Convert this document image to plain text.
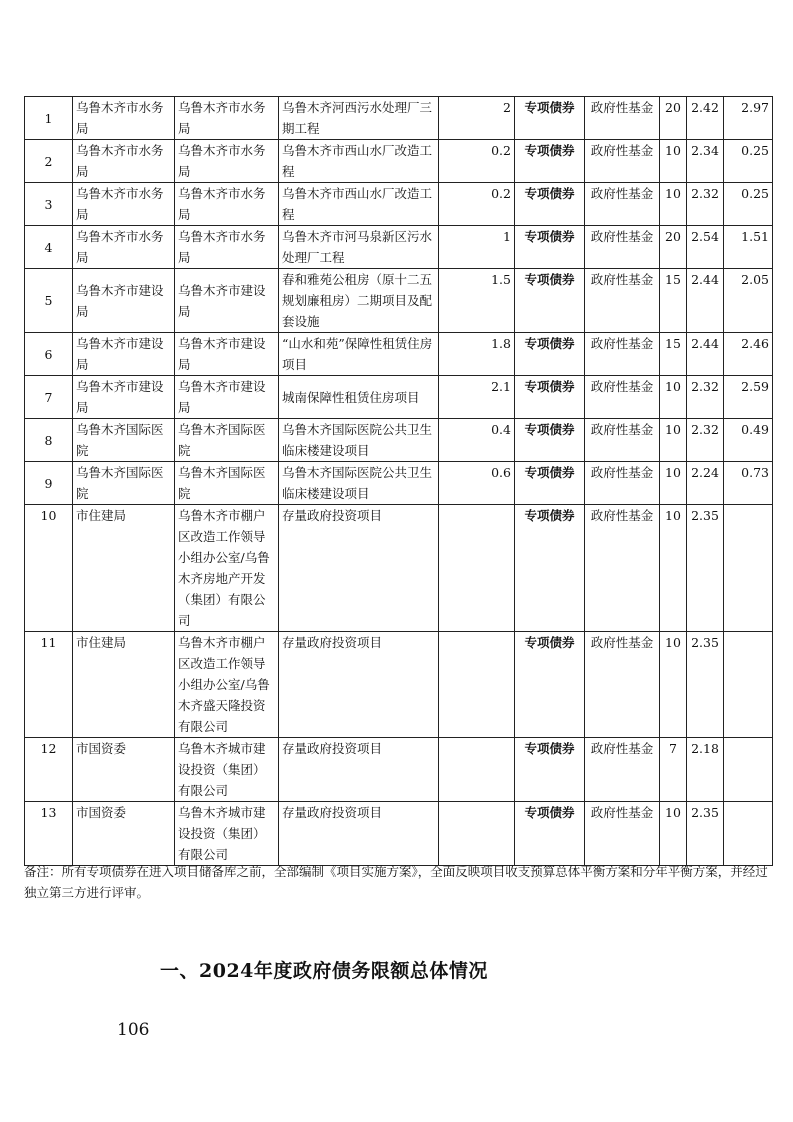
1	乌鲁木齐市水务局	乌鲁木齐市水务局	乌鲁木齐河西污水处理厂三期工程	2	专项债券	政府性基金	20	2.42	2.97
2	乌鲁木齐市水务局	乌鲁木齐市水务局	乌鲁木齐市西山水厂改造工程	0.2	专项债券	政府性基金	10	2.34	0.25
3	乌鲁木齐市水务局	乌鲁木齐市水务局	乌鲁木齐市西山水厂改造工程	0.2	专项债券	政府性基金	10	2.32	0.25
4	乌鲁木齐市水务局	乌鲁木齐市水务局	乌鲁木齐市河马泉新区污水处理厂工程	1	专项债券	政府性基金	20	2.54	1.51
5	乌鲁木齐市建设局	乌鲁木齐市建设局	春和雅苑公租房（原十二五规划廉租房）二期项目及配套设施	1.5	专项债券	政府性基金	15	2.44	2.05
6	乌鲁木齐市建设局	乌鲁木齐市建设局	“山水和苑”保障性租赁住房项目	1.8	专项债券	政府性基金	15	2.44	2.46
7	乌鲁木齐市建设局	乌鲁木齐市建设局	城南保障性租赁住房项目	2.1	专项债券	政府性基金	10	2.32	2.59
8	乌鲁木齐国际医院	乌鲁木齐国际医院	乌鲁木齐国际医院公共卫生临床楼建设项目	0.4	专项债券	政府性基金	10	2.32	0.49
9	乌鲁木齐国际医院	乌鲁木齐国际医院	乌鲁木齐国际医院公共卫生临床楼建设项目	0.6	专项债券	政府性基金	10	2.24	0.73
10	市住建局	乌鲁木齐市棚户区改造工作领导小组办公室/乌鲁木齐房地产开发（集团）有限公司	存量政府投资项目		专项债券	政府性基金	10	2.35	
11	市住建局	乌鲁木齐市棚户区改造工作领导小组办公室/乌鲁木齐盛天隆投资有限公司	存量政府投资项目		专项债券	政府性基金	10	2.35	
12	市国资委	乌鲁木齐城市建设投资（集团）有限公司	存量政府投资项目		专项债券	政府性基金	7	2.18	
13	市国资委	乌鲁木齐城市建设投资（集团）有限公司	存量政府投资项目		专项债券	政府性基金	10	2.35	
备注：所有专项债券在进入项目储备库之前，全部编制《项目实施方案》，全面反映项目收支预算总体平衡方案和分年平衡方案，并经过独立第三方进行评审。
一、2024年度政府债务限额总体情况
106
